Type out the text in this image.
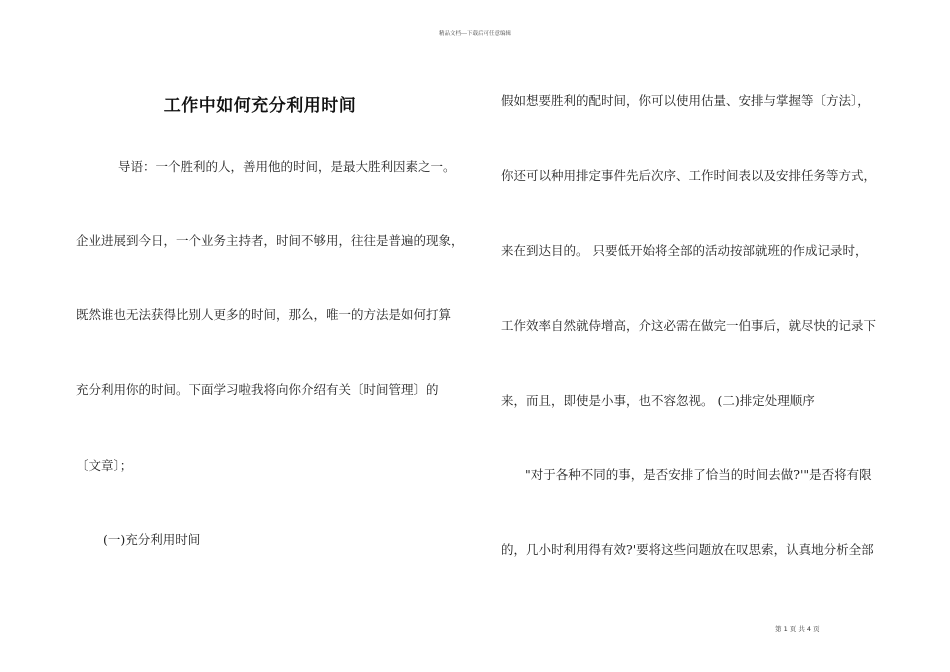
精品文档---下载后可任意编辑
工作中如何充分利用时间
导语：一个胜利的人，善用他的时间，是最大胜利因素之一。
企业进展到今日，一个业务主持者，时间不够用，往往是普遍的现象，
既然谁也无法获得比别人更多的时间，那么，唯一的方法是如何打算
充分利用你的时间。下面学习啦我将向你介绍有关〔时间管理〕的
〔文章〕；
(一)充分利用时间
假如想要胜利的配时间，你可以使用估量、安排与掌握等〔方法〕，
你还可以种用排定事件先后次序、工作时间表以及安排任务等方式，
来在到达目的。 只要低开始将全部的活动按部就班的作成记录时，
工作效率自然就侍增高，介这必需在做完一伯事后，就尽快的记录下
来，而且，即使是小事，也不容忽视。 (二)排定处理顺序
"对于各种不同的事，是否安排了恰当的时间去做?'"是否将有限
的，几小时利用得有效?'要将这些问题放在叹思索，认真地分析全部
第 1 页 共 4 页
